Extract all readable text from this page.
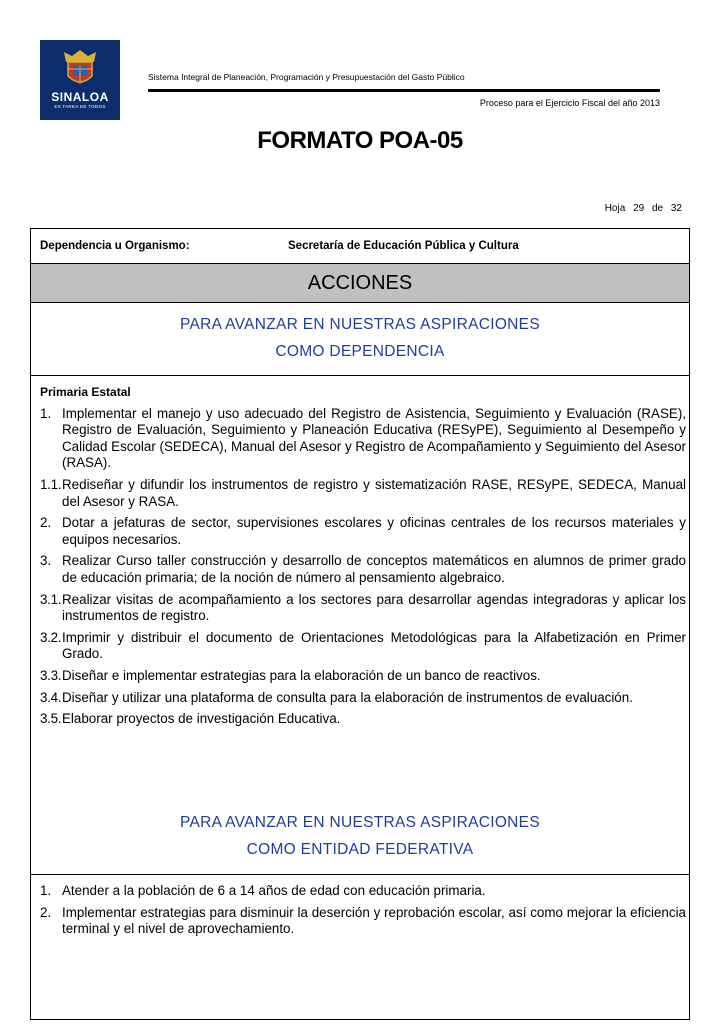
SINALOA
ES TAREA DE TODOS
Sistema Integral de Planeación, Programación y Presupuestación del Gasto Público
Proceso para el Ejercicio Fiscal del año 2013
FORMATO POA-05
Hoja 29 de 32
Dependencia u Organismo:	Secretaría de Educación Pública y Cultura
ACCIONES
PARA AVANZAR EN NUESTRAS ASPIRACIONES
COMO DEPENDENCIA
Primaria Estatal
1. Implementar el manejo y uso adecuado del Registro de Asistencia, Seguimiento y Evaluación (RASE), Registro de Evaluación, Seguimiento y Planeación Educativa (RESyPE), Seguimiento al Desempeño y Calidad Escolar (SEDECA), Manual del Asesor y Registro de Acompañamiento y Seguimiento del Asesor (RASA).
1.1. Rediseñar y difundir los instrumentos de registro y sistematización RASE, RESyPE, SEDECA, Manual del Asesor y RASA.
2. Dotar a jefaturas de sector, supervisiones escolares y oficinas centrales de los recursos materiales y equipos necesarios.
3. Realizar Curso taller construcción y desarrollo de conceptos matemáticos en alumnos de primer grado de educación primaria; de la noción de número al pensamiento algebraico.
3.1. Realizar visitas de acompañamiento a los sectores para desarrollar agendas integradoras y aplicar los instrumentos de registro.
3.2. Imprimir y distribuir el documento de Orientaciones Metodológicas para la Alfabetización en Primer Grado.
3.3. Diseñar e implementar estrategias para la elaboración de un banco de reactivos.
3.4. Diseñar y utilizar una plataforma de consulta para la elaboración de instrumentos de evaluación.
3.5. Elaborar proyectos de investigación Educativa.
PARA AVANZAR EN NUESTRAS ASPIRACIONES
COMO ENTIDAD FEDERATIVA
1. Atender a la población de 6 a 14 años de edad con educación primaria.
2. Implementar estrategias para disminuir la deserción y reprobación escolar, así como mejorar la eficiencia terminal y el nivel de aprovechamiento.
